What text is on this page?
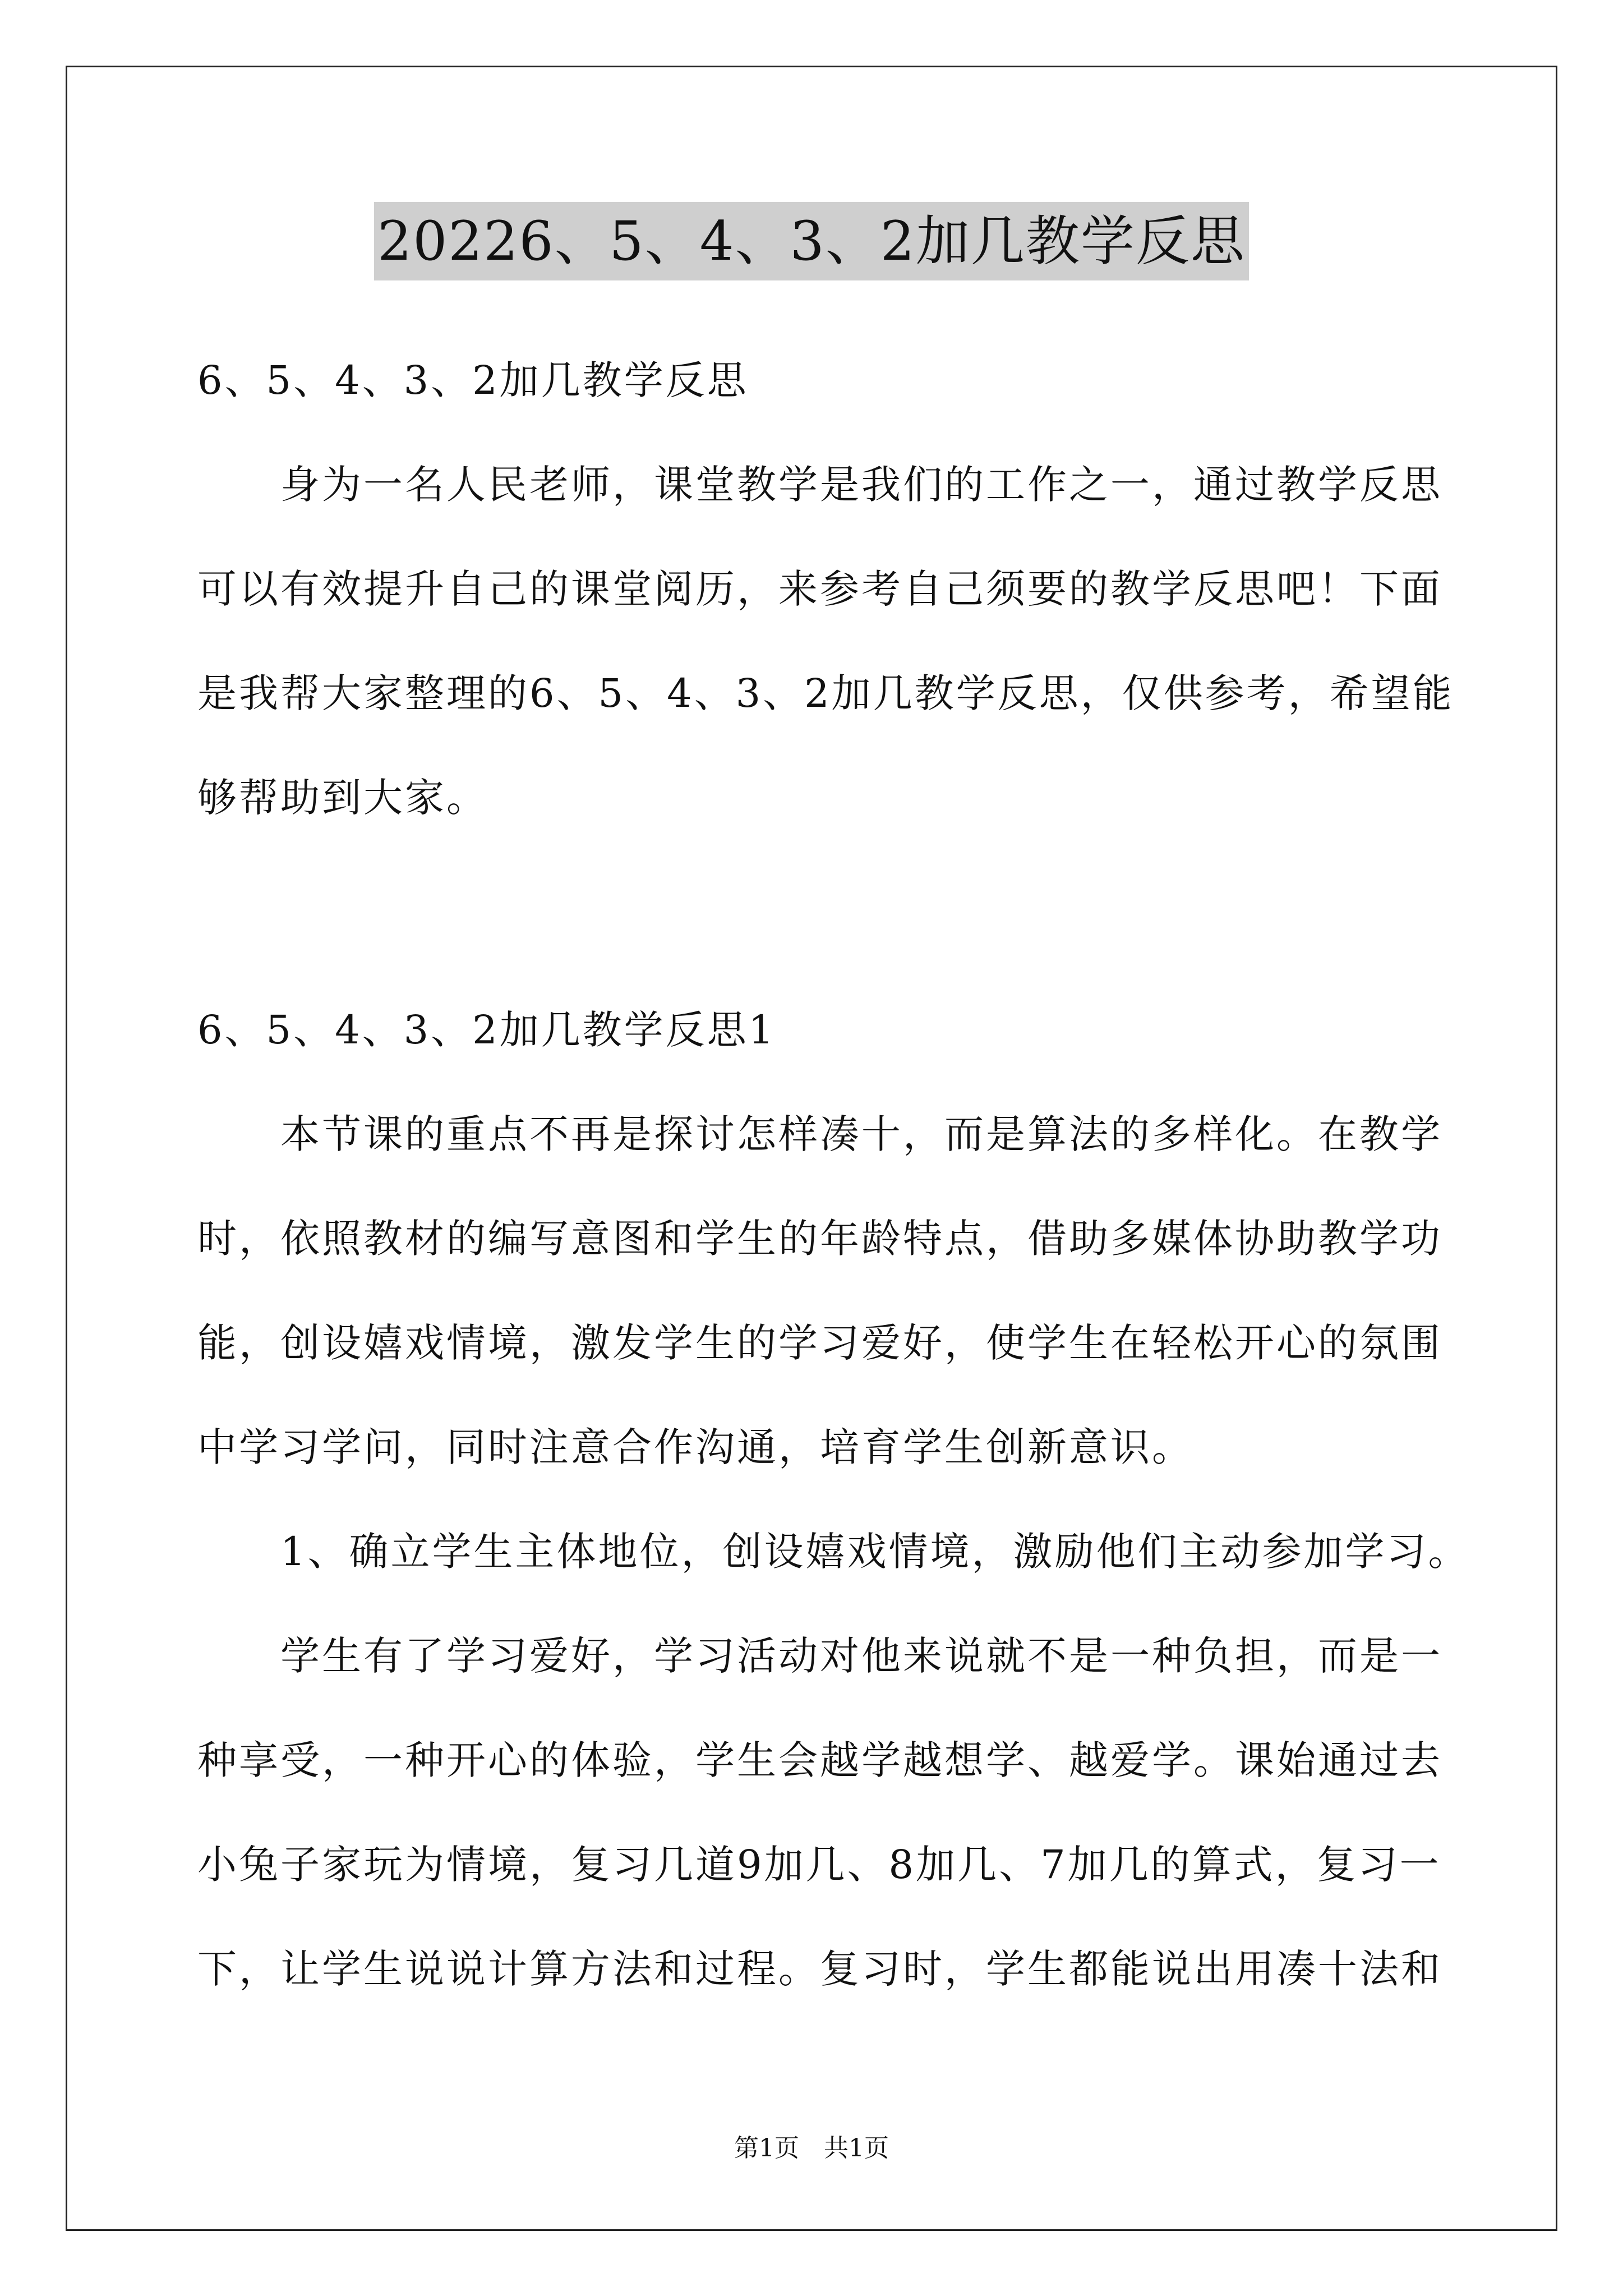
20226、5、4、3、2加几教学反思
6、5、4、3、2加几教学反思
身为一名人民老师，课堂教学是我们的工作之一，通过教学反思
可以有效提升自己的课堂阅历，来参考自己须要的教学反思吧！下面
是我帮大家整理的6、5、4、3、2加几教学反思，仅供参考，希望能
够帮助到大家。
6、5、4、3、2加几教学反思1
本节课的重点不再是探讨怎样凑十，而是算法的多样化。在教学
时，依照教材的编写意图和学生的年龄特点，借助多媒体协助教学功
能，创设嬉戏情境，激发学生的学习爱好，使学生在轻松开心的氛围
中学习学问，同时注意合作沟通，培育学生创新意识。
1、确立学生主体地位，创设嬉戏情境，激励他们主动参加学习。
学生有了学习爱好，学习活动对他来说就不是一种负担，而是一
种享受，一种开心的体验，学生会越学越想学、越爱学。课始通过去
小兔子家玩为情境，复习几道9加几、8加几、7加几的算式，复习一
下，让学生说说计算方法和过程。复习时，学生都能说出用凑十法和
第1页　共1页
